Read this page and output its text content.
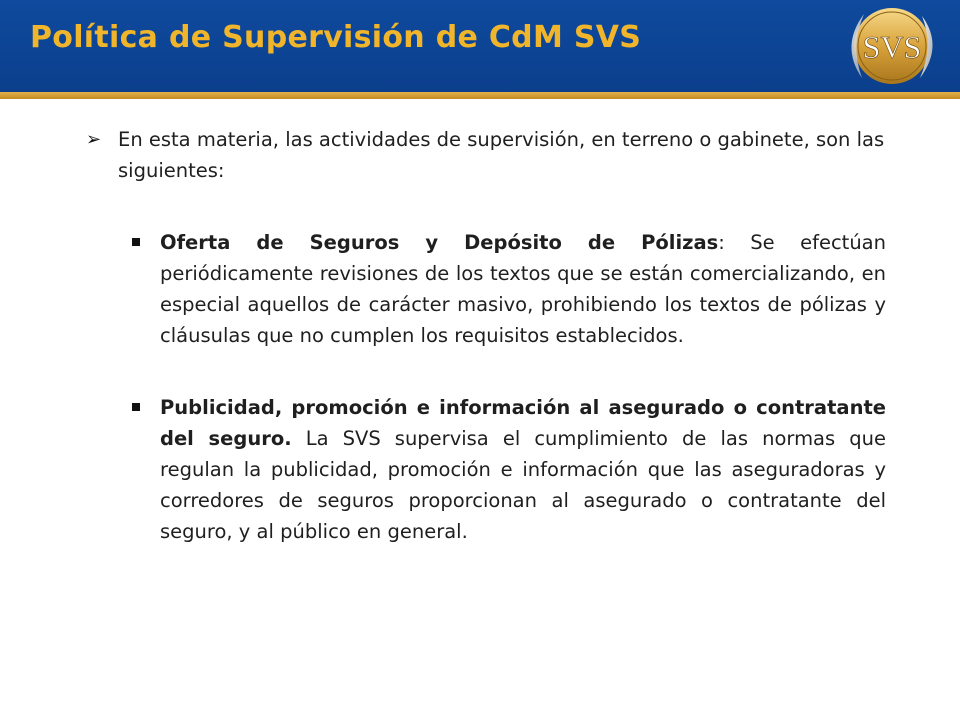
Política de Supervisión de CdM SVS	SVS

➢ En esta materia, las actividades de supervisión, en terreno o gabinete, son las siguientes:

Oferta de Seguros y Depósito de Pólizas: Se efectúan periódicamente revisiones de los textos que se están comercializando, en especial aquellos de carácter masivo, prohibiendo los textos de pólizas y cláusulas que no cumplen los requisitos establecidos.
Publicidad, promoción e información al asegurado o contratante del seguro. La SVS supervisa el cumplimiento de las normas que regulan la publicidad, promoción e información que las aseguradoras y corredores de seguros proporcionan al asegurado o contratante del seguro, y al público en general.
